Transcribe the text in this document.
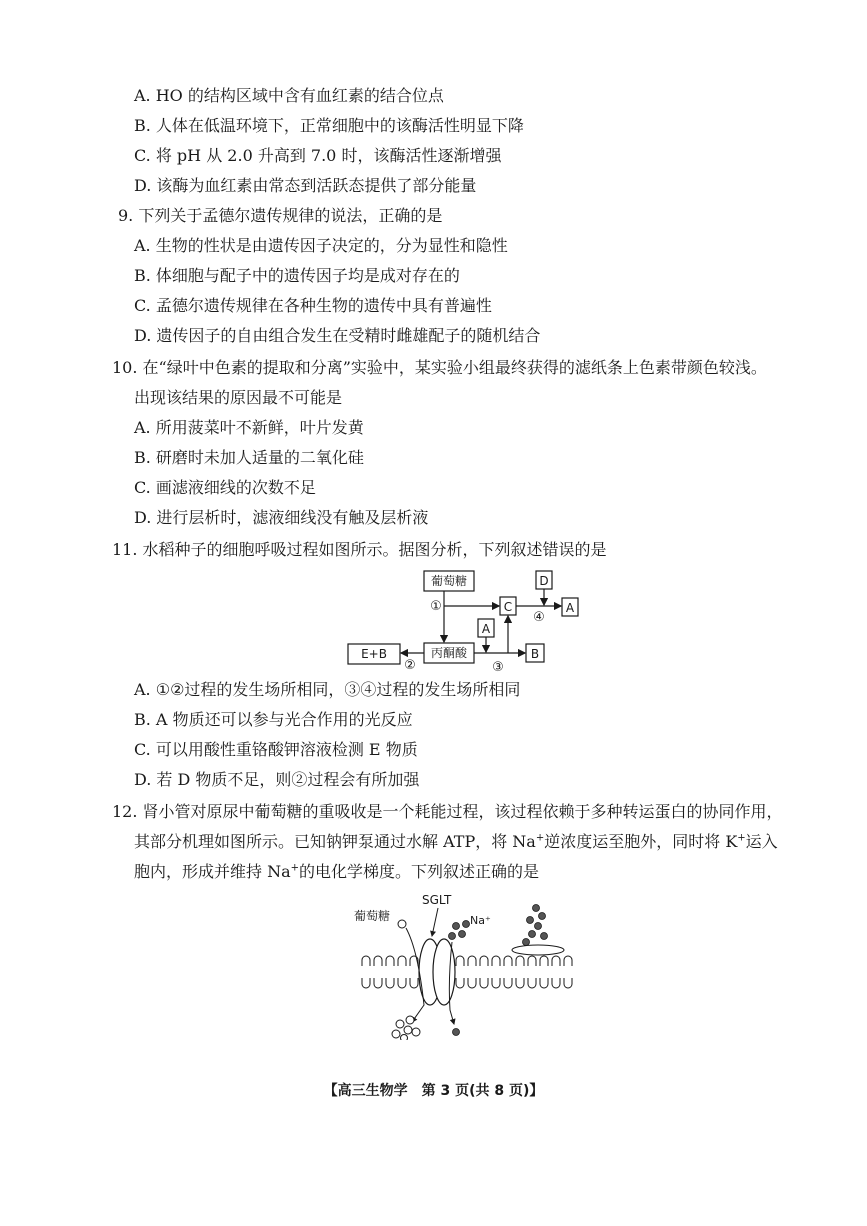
A. HO 的结构区域中含有血红素的结合位点
B. 人体在低温环境下，正常细胞中的该酶活性明显下降
C. 将 pH 从 2.0 升高到 7.0 时，该酶活性逐渐增强
D. 该酶为血红素由常态到活跃态提供了部分能量
9. 下列关于孟德尔遗传规律的说法，正确的是
A. 生物的性状是由遗传因子决定的，分为显性和隐性
B. 体细胞与配子中的遗传因子均是成对存在的
C. 孟德尔遗传规律在各种生物的遗传中具有普遍性
D. 遗传因子的自由组合发生在受精时雌雄配子的随机结合
10. 在“绿叶中色素的提取和分离”实验中，某实验小组最终获得的滤纸条上色素带颜色较浅。
出现该结果的原因最不可能是
A. 所用菠菜叶不新鲜，叶片发黄
B. 研磨时未加人适量的二氧化硅
C. 画滤液细线的次数不足
D. 进行层析时，滤液细线没有触及层析液
11. 水稻种子的细胞呼吸过程如图所示。据图分析，下列叙述错误的是
葡萄糖	D
C	A
A
丙酮酸
E+B	B
①
②	③
④
A. ①②过程的发生场所相同，③④过程的发生场所相同
B. A 物质还可以参与光合作用的光反应
C. 可以用酸性重铬酸钾溶液检测 E 物质
D. 若 D 物质不足，则②过程会有所加强
12. 肾小管对原尿中葡萄糖的重吸收是一个耗能过程，该过程依赖于多种转运蛋白的协同作用，
其部分机理如图所示。已知钠钾泵通过水解 ATP，将 Na+逆浓度运至胞外，同时将 K+运入
胞内，形成并维持 Na+的电化学梯度。下列叙述正确的是
SGLT
葡萄糖	Na⁺
【高三生物学　第 3 页(共 8 页)】
